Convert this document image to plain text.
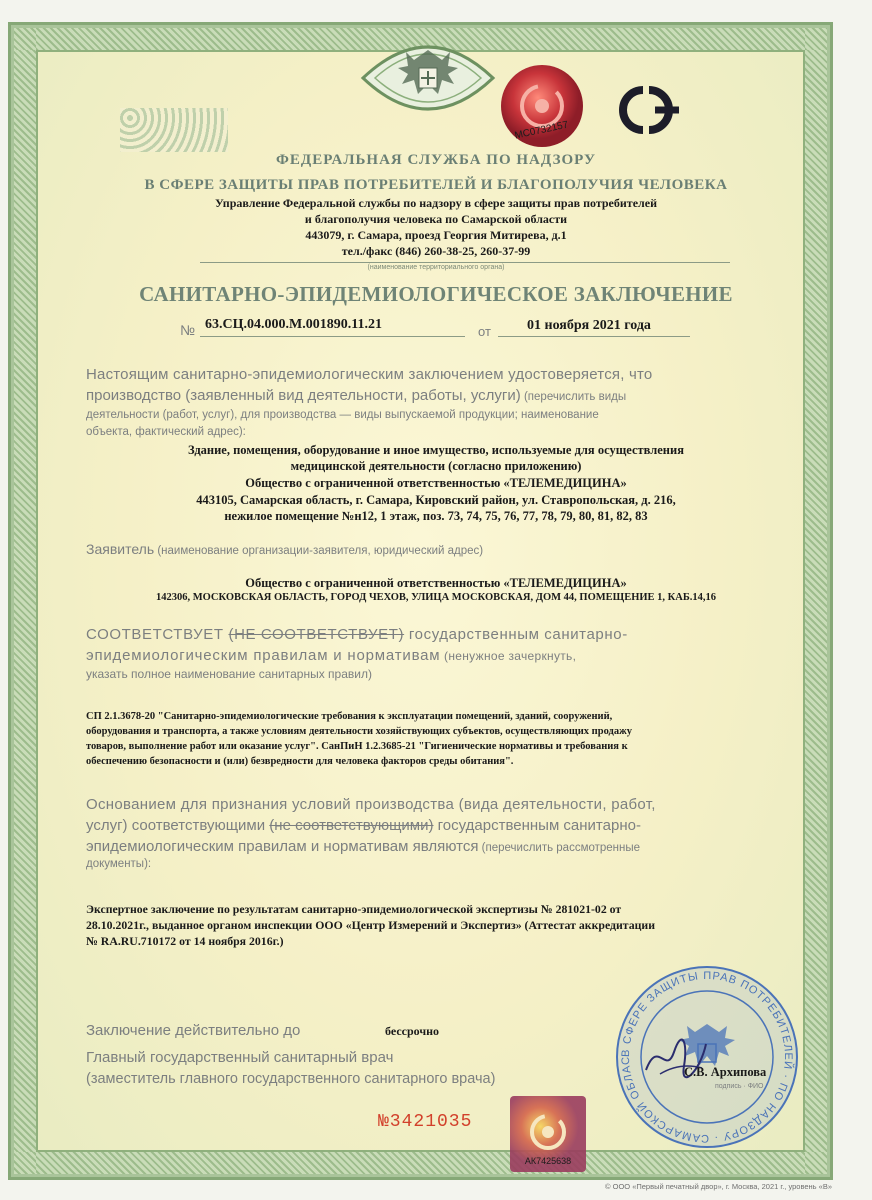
МС0732157
ФЕДЕРАЛЬНАЯ СЛУЖБА ПО НАДЗОРУ
В СФЕРЕ ЗАЩИТЫ ПРАВ ПОТРЕБИТЕЛЕЙ И БЛАГОПОЛУЧИЯ ЧЕЛОВЕКА
Управление Федеральной службы по надзору в сфере защиты прав потребителей
и благополучия человека по Самарской области
443079, г. Самара, проезд Георгия Митирева, д.1
тел./факс (846) 260-38-25, 260-37-99
(наименование территориального органа)
САНИТАРНО-ЭПИДЕМИОЛОГИЧЕСКОЕ ЗАКЛЮЧЕНИЕ
№ 63.СЦ.04.000.М.001890.11.21	от	01 ноября 2021 года
Настоящим санитарно-эпидемиологическим заключением удостоверяется, что
производство (заявленный вид деятельности, работы, услуги) (перечислить виды
деятельности (работ, услуг), для производства — виды выпускаемой продукции; наименование
объекта, фактический адрес):
Здание, помещения, оборудование и иное имущество, используемые для осуществления
медицинской деятельности (согласно приложению)
Общество с ограниченной ответственностью «ТЕЛЕМЕДИЦИНА»
443105, Самарская область, г. Самара, Кировский район, ул. Ставропольская, д. 216,
нежилое помещение №н12, 1 этаж, поз. 73, 74, 75, 76, 77, 78, 79, 80, 81, 82, 83
Заявитель (наименование организации-заявителя, юридический адрес)
Общество с ограниченной ответственностью «ТЕЛЕМЕДИЦИНА»
142306, МОСКОВСКАЯ ОБЛАСТЬ, ГОРОД ЧЕХОВ, УЛИЦА МОСКОВСКАЯ, ДОМ 44, ПОМЕЩЕНИЕ 1, КАБ.14,16
СООТВЕТСТВУЕТ (НЕ СООТВЕТСТВУЕТ) государственным санитарно-
эпидемиологическим правилам и нормативам (ненужное зачеркнуть,
указать полное наименование санитарных правил)
СП 2.1.3678-20 "Санитарно-эпидемиологические требования к эксплуатации помещений, зданий, сооружений,
оборудования и транспорта, а также условиям деятельности хозяйствующих субъектов, осуществляющих продажу
товаров, выполнение работ или оказание услуг". СанПиН 1.2.3685-21 "Гигиенические нормативы и требования к
обеспечению безопасности и (или) безвредности для человека факторов среды обитания".
Основанием для признания условий производства (вида деятельности, работ,
услуг) соответствующими (не соответствующими) государственным санитарно-
эпидемиологическим правилам и нормативам являются (перечислить рассмотренные
документы):
Экспертное заключение по результатам санитарно-эпидемиологической экспертизы № 281021-02 от
28.10.2021г., выданное органом инспекции ООО «Центр Измерений и Экспертиз» (Аттестат аккредитации
№ RA.RU.710172 от 14 ноября 2016г.)
В СФЕРЕ ЗАЩИТЫ ПРАВ ПОТРЕБИТЕЛЕЙ · ПО НАДЗОРУ · САМАРСКОЙ ОБЛАС
Заключение действительно до	бессрочно
Главный государственный санитарный врач
(заместитель главного государственного санитарного врача)	С.В. Архипова
подпись · ФИО
№3421035
АК7425638
© ООО «Первый печатный двор», г. Москва, 2021 г., уровень «В»
